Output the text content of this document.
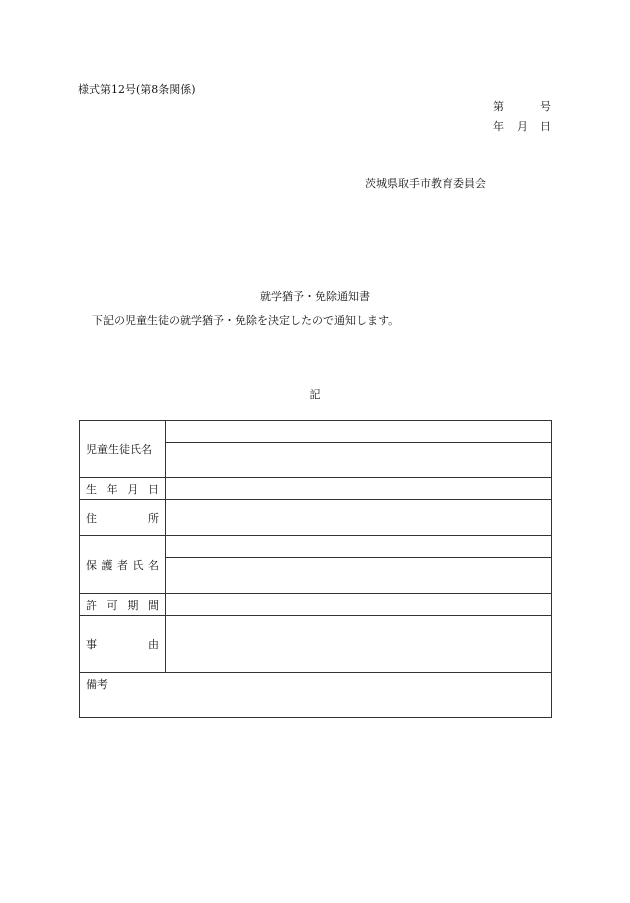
様式第12号(第8条関係)
第	号
年 月 日
茨城県取手市教育委員会
就学猶予・免除通知書
下記の児童生徒の就学猶予・免除を決定したので通知します。
記
児童生徒氏名
生 年 月 日
住	所
保 護 者 氏 名
許 可 期 間
事	由
備考
